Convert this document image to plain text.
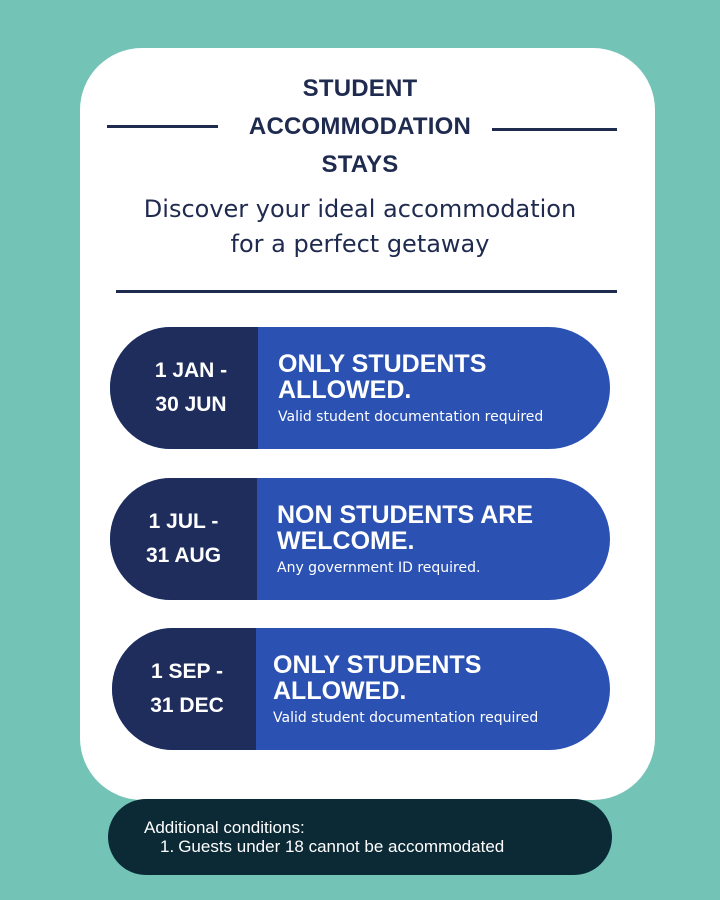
STUDENT
ACCOMMODATION
STAYS
Discover your ideal accommodation
for a perfect getaway
1 JAN -
30 JUN
ONLY STUDENTS
ALLOWED.
Valid student documentation required
1 JUL -
31 AUG
NON STUDENTS ARE
WELCOME.
Any government ID required.
1 SEP -
31 DEC
ONLY STUDENTS
ALLOWED.
Valid student documentation required
Additional conditions:
1. Guests under 18 cannot be accommodated
